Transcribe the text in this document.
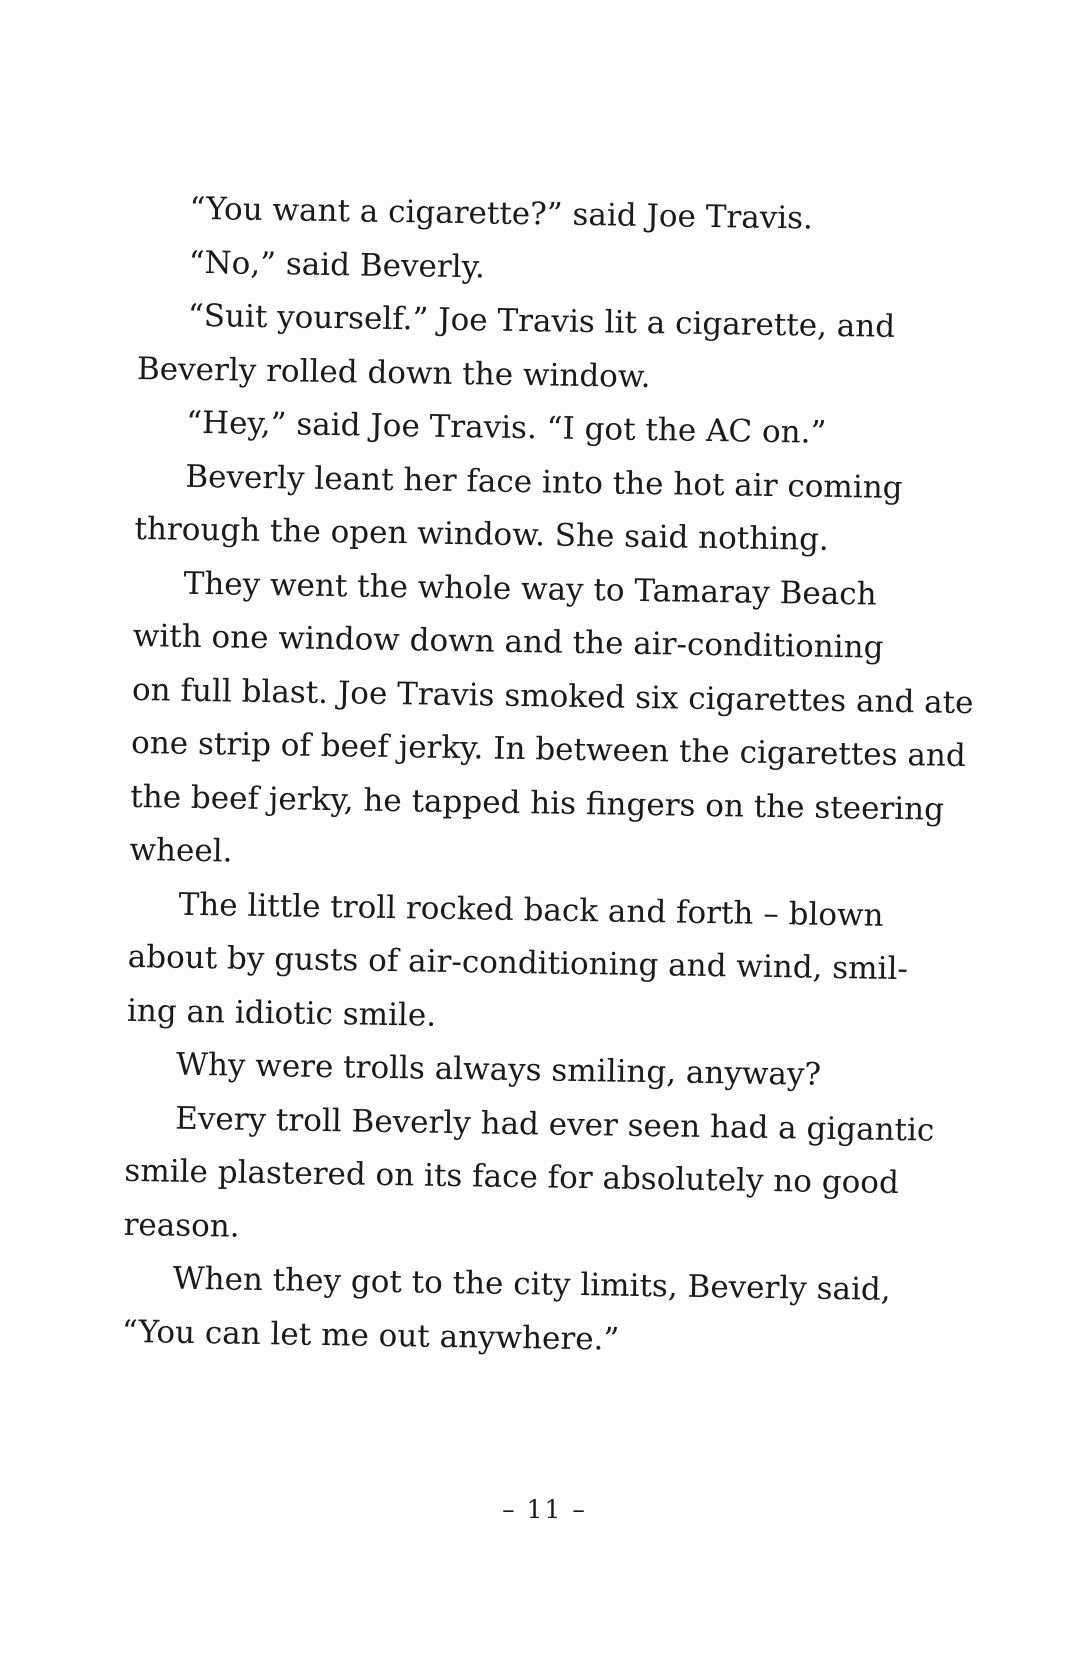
“You want a cigarette?” said Joe Travis.
“No,” said Beverly.
“Suit yourself.” Joe Travis lit a cigarette, and
Beverly rolled down the window.
“Hey,” said Joe Travis. “I got the AC on.”
Beverly leant her face into the hot air coming
through the open window. She said nothing.
They went the whole way to Tamaray Beach
with one window down and the air-conditioning
on full blast. Joe Travis smoked six cigarettes and ate
one strip of beef jerky. In between the cigarettes and
the beef jerky, he tapped his fingers on the steering
wheel.
The little troll rocked back and forth – blown
about by gusts of air-conditioning and wind, smil-
ing an idiotic smile.
Why were trolls always smiling, anyway?
Every troll Beverly had ever seen had a gigantic
smile plastered on its face for absolutely no good
reason.
When they got to the city limits, Beverly said,
“You can let me out anywhere.”
– 11 –
